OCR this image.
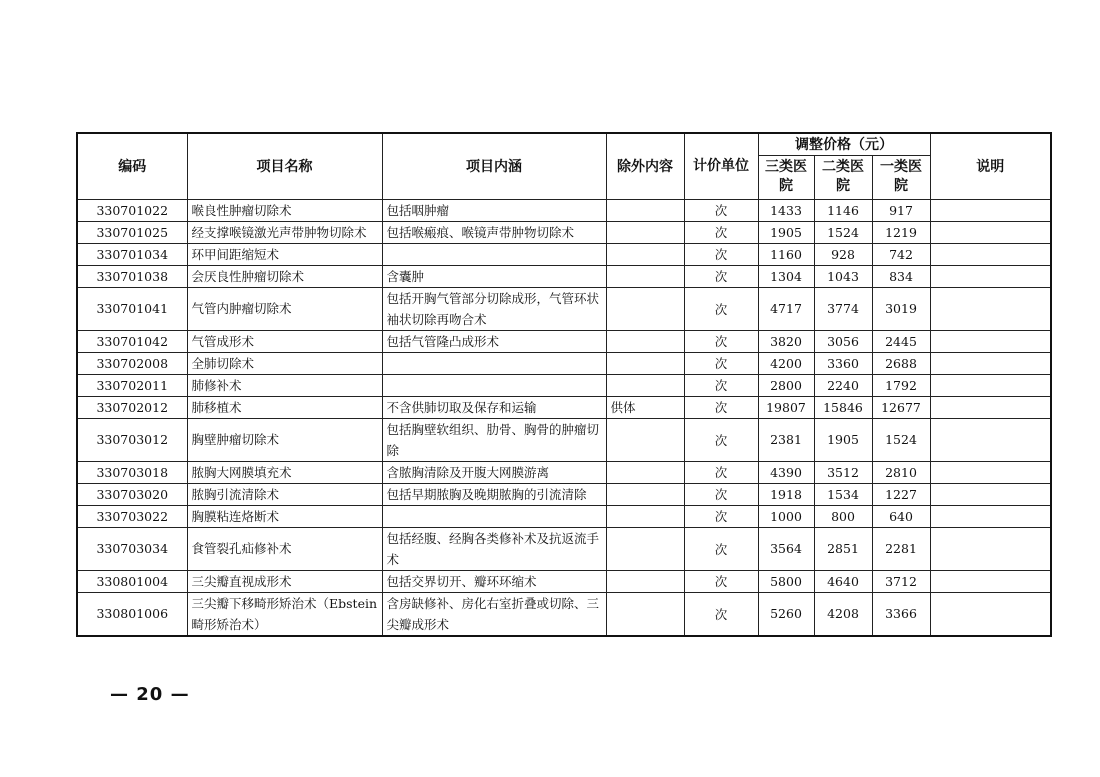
编码	项目名称	项目内涵	除外内容	计价单位	调整价格（元）			说明
					三类医院	二类医院	一类医院	

330701022	喉良性肿瘤切除术	包括咽肿瘤		次	1433	1146	917	
330701025	经支撑喉镜激光声带肿物切除术	包括喉瘢痕、喉镜声带肿物切除术		次	1905	1524	1219	
330701034	环甲间距缩短术			次	1160	928	742	
330701038	会厌良性肿瘤切除术	含囊肿		次	1304	1043	834	
330701041	气管内肿瘤切除术	包括开胸气管部分切除成形，气管环状袖状切除再吻合术		次	4717	3774	3019	
330701042	气管成形术	包括气管隆凸成形术		次	3820	3056	2445	
330702008	全肺切除术			次	4200	3360	2688	
330702011	肺修补术			次	2800	2240	1792	
330702012	肺移植术	不含供肺切取及保存和运输	供体	次	19807	15846	12677	
330703012	胸壁肿瘤切除术	包括胸壁软组织、肋骨、胸骨的肿瘤切除		次	2381	1905	1524	
330703018	脓胸大网膜填充术	含脓胸清除及开腹大网膜游离		次	4390	3512	2810	
330703020	脓胸引流清除术	包括早期脓胸及晚期脓胸的引流清除		次	1918	1534	1227	
330703022	胸膜粘连烙断术			次	1000	800	640	
330703034	食管裂孔疝修补术	包括经腹、经胸各类修补术及抗返流手术		次	3564	2851	2281	
330801004	三尖瓣直视成形术	包括交界切开、瓣环环缩术		次	5800	4640	3712	
330801006	三尖瓣下移畸形矫治术（Ebstein畸形矫治术）	含房缺修补、房化右室折叠或切除、三尖瓣成形术		次	5260	4208	3366	
— 20 —
